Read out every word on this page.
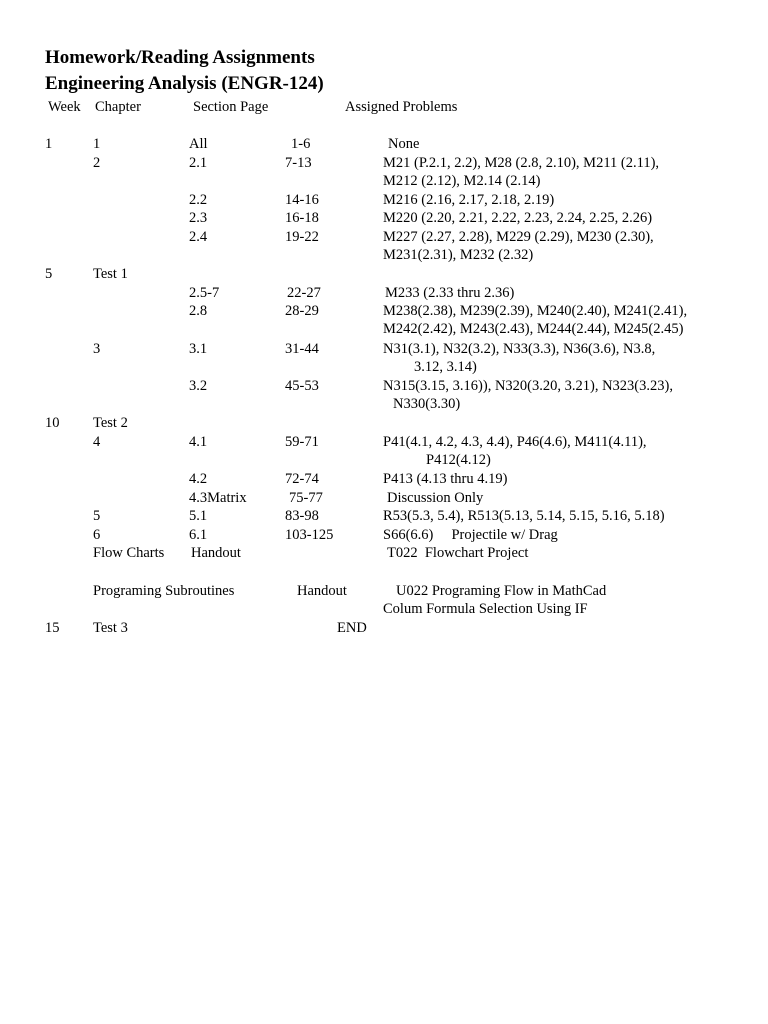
Homework/Reading Assignments
Engineering Analysis (ENGR-124)
Week Chapter	Section Page	Assigned Problems
1	1	All	1-6	None
2	2.1	7-13	M21 (P.2.1, 2.2), M28 (2.8, 2.10), M211 (2.11),
M212 (2.12), M2.14 (2.14)
2.2	14-16	M216 (2.16, 2.17, 2.18, 2.19)
2.3	16-18	M220 (2.20, 2.21, 2.22, 2.23, 2.24, 2.25, 2.26)
2.4	19-22	M227 (2.27, 2.28), M229 (2.29), M230 (2.30),
M231(2.31), M232 (2.32)
5	Test 1
2.5-7	22-27	M233 (2.33 thru 2.36)
2.8	28-29	M238(2.38), M239(2.39), M240(2.40), M241(2.41),
M242(2.42), M243(2.43), M244(2.44), M245(2.45)
3	3.1	31-44	N31(3.1), N32(3.2), N33(3.3), N36(3.6), N3.8,
3.12, 3.14)
3.2	45-53	N315(3.15, 3.16)), N320(3.20, 3.21), N323(3.23),
N330(3.30)
10 Test 2
4	4.1	59-71	P41(4.1, 4.2, 4.3, 4.4), P46(4.6), M411(4.11),
P412(4.12)
4.2	72-74	P413 (4.13 thru 4.19)
4.3Matrix	75-77	Discussion Only
5	5.1	83-98	R53(5.3, 5.4), R513(5.13, 5.14, 5.15, 5.16, 5.18)
6	6.1	103-125	S66(6.6)     Projectile w/ Drag
Flow Charts Handout	T022  Flowchart Project
Programing Subroutines	Handout	U022 Programing Flow in MathCad
Colum Formula Selection Using IF
15 Test 3	END
